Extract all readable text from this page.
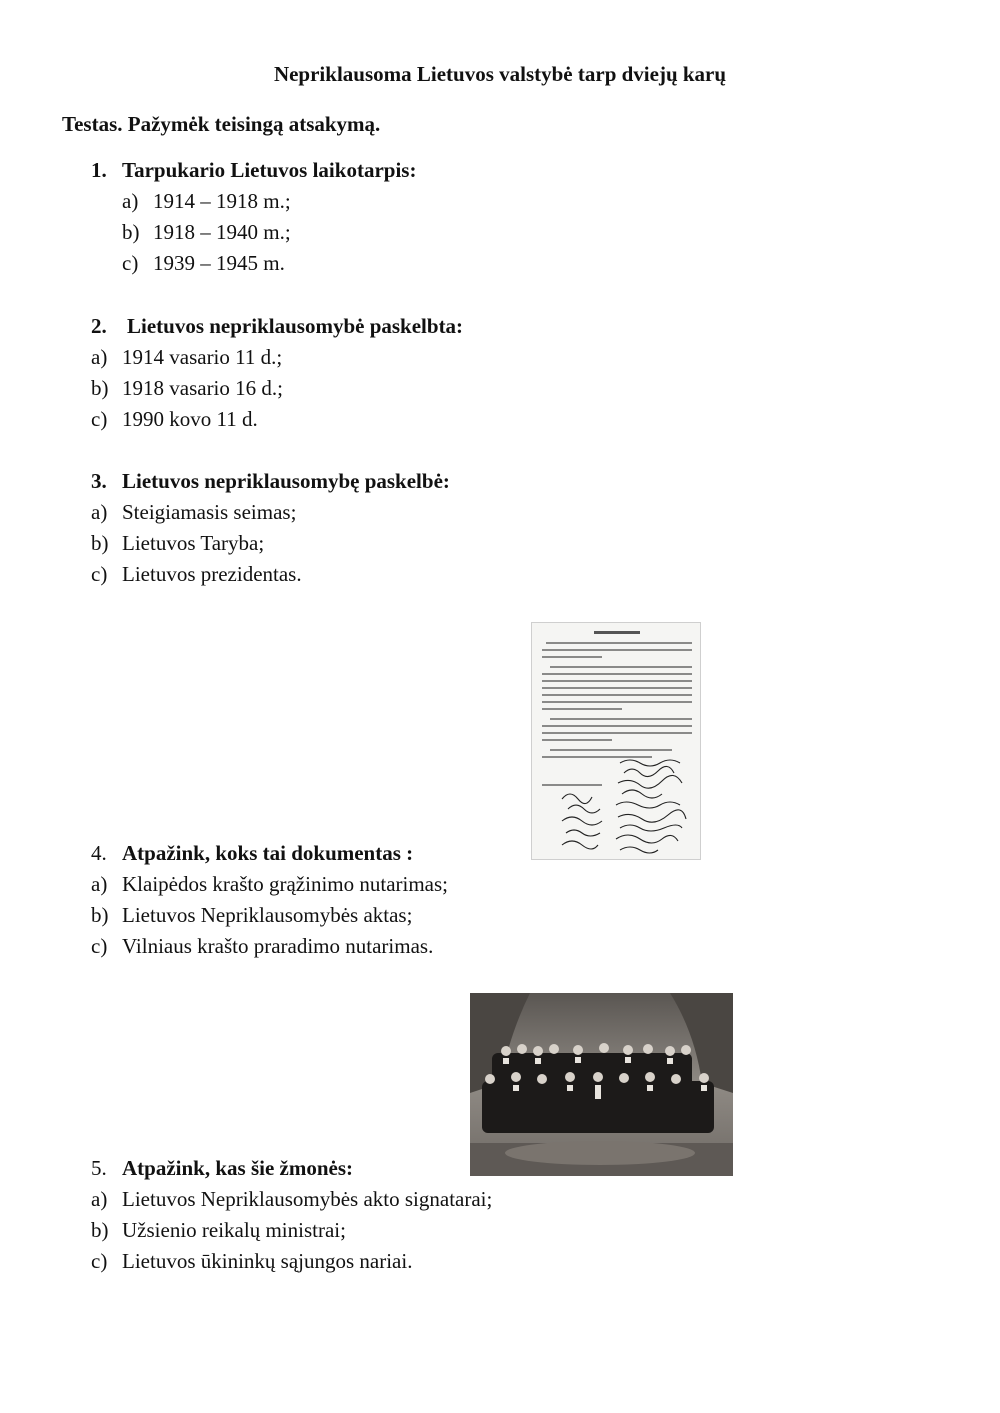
Nepriklausoma Lietuvos valstybė tarp dviejų karų
Testas. Pažymėk teisingą atsakymą.
1. Tarpukario Lietuvos laikotarpis:
a) 1914 – 1918 m.;
b) 1918 – 1940 m.;
c) 1939 – 1945 m.
2. Lietuvos nepriklausomybė paskelbta:
a) 1914 vasario 11 d.;
b) 1918 vasario 16 d.;
c) 1990 kovo 11 d.
3. Lietuvos nepriklausomybę paskelbė:
a) Steigiamasis seimas;
b) Lietuvos Taryba;
c) Lietuvos prezidentas.
4. Atpažink, koks tai dokumentas :
a) Klaipėdos krašto grąžinimo nutarimas;
b) Lietuvos Nepriklausomybės aktas;
c) Vilniaus krašto praradimo nutarimas.
5. Atpažink, kas šie žmonės:
a) Lietuvos Nepriklausomybės akto signatarai;
b) Užsienio reikalų ministrai;
c) Lietuvos ūkininkų sąjungos nariai.
